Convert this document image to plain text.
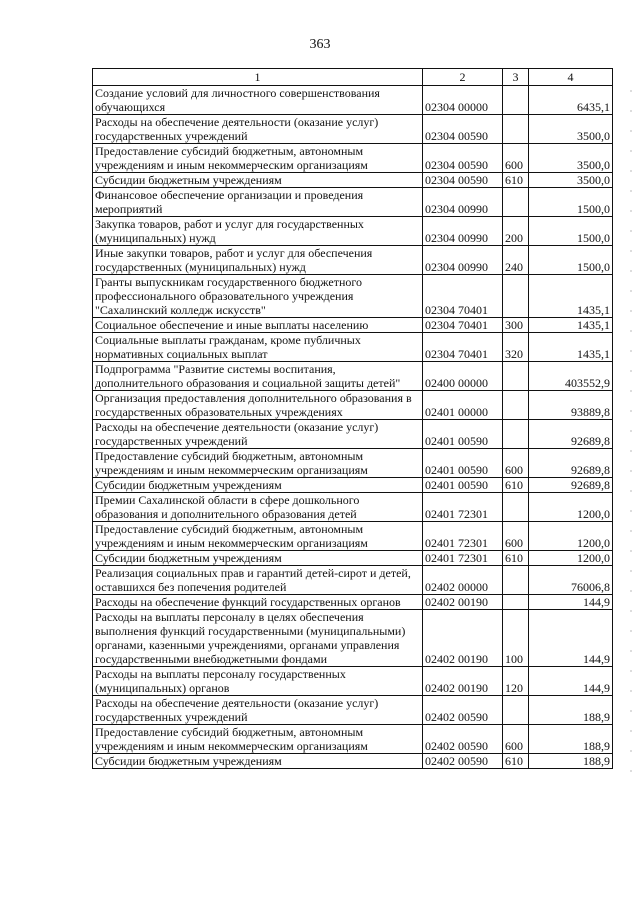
363
1	2	3	4
Создание условий для личностного совершенствования обучающихся	02304 00000		6435,1
Расходы на обеспечение деятельности (оказание услуг) государственных учреждений	02304 00590		3500,0
Предоставление субсидий бюджетным, автономным учреждениям и иным некоммерческим организациям	02304 00590	600	3500,0
Субсидии бюджетным учреждениям	02304 00590	610	3500,0
Финансовое обеспечение организации и проведения мероприятий	02304 00990		1500,0
Закупка товаров, работ и услуг для государственных (муниципальных) нужд	02304 00990	200	1500,0
Иные закупки товаров, работ и услуг для обеспечения государственных (муниципальных) нужд	02304 00990	240	1500,0
Гранты выпускникам государственного бюджетного профессионального образовательного учреждения "Сахалинский колледж искусств"	02304 70401		1435,1
Социальное обеспечение и иные выплаты населению	02304 70401	300	1435,1
Социальные выплаты гражданам, кроме публичных нормативных социальных выплат	02304 70401	320	1435,1
Подпрограмма "Развитие системы воспитания, дополнительного образования и социальной защиты детей"	02400 00000		403552,9
Организация предоставления дополнительного образования в государственных образовательных учреждениях	02401 00000		93889,8
Расходы на обеспечение деятельности (оказание услуг) государственных учреждений	02401 00590		92689,8
Предоставление субсидий бюджетным, автономным учреждениям и иным некоммерческим организациям	02401 00590	600	92689,8
Субсидии бюджетным учреждениям	02401 00590	610	92689,8
Премии Сахалинской области в сфере дошкольного образования и дополнительного образования детей	02401 72301		1200,0
Предоставление субсидий бюджетным, автономным учреждениям и иным некоммерческим организациям	02401 72301	600	1200,0
Субсидии бюджетным учреждениям	02401 72301	610	1200,0
Реализация социальных прав и гарантий детей-сирот и детей, оставшихся без попечения родителей	02402 00000		76006,8
Расходы на обеспечение функций государственных органов	02402 00190		144,9
Расходы на выплаты персоналу в целях обеспечения выполнения функций государственными (муниципальными) органами, казенными учреждениями, органами управления государственными внебюджетными фондами	02402 00190	100	144,9
Расходы на выплаты персоналу государственных (муниципальных) органов	02402 00190	120	144,9
Расходы на обеспечение деятельности (оказание услуг) государственных учреждений	02402 00590		188,9
Предоставление субсидий бюджетным, автономным учреждениям и иным некоммерческим организациям	02402 00590	600	188,9
Субсидии бюджетным учреждениям	02402 00590	610	188,9
